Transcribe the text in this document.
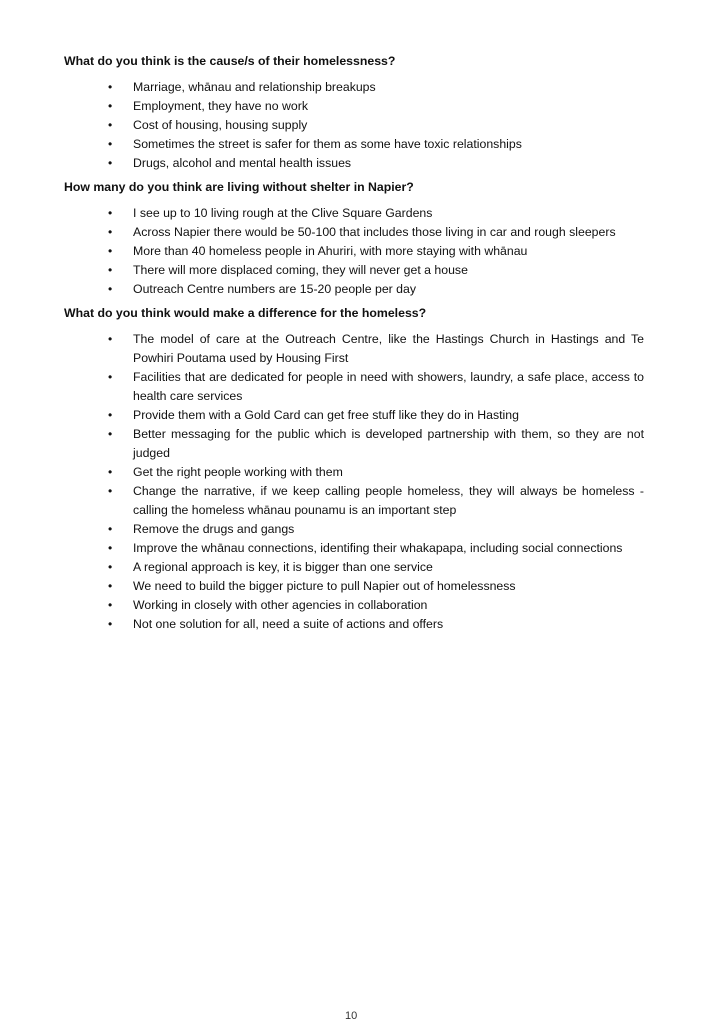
What do you think is the cause/s of their homelessness?
• Marriage, whānau and relationship breakups
• Employment, they have no work
• Cost of housing, housing supply
• Sometimes the street is safer for them as some have toxic relationships
• Drugs, alcohol and mental health issues
How many do you think are living without shelter in Napier?
• I see up to 10 living rough at the Clive Square Gardens
• Across Napier there would be 50-100 that includes those living in car and rough sleepers
• More than 40 homeless people in Ahuriri, with more staying with whānau
• There will more displaced coming, they will never get a house
• Outreach Centre numbers are 15-20 people per day
What do you think would make a difference for the homeless?
• The model of care at the Outreach Centre, like the Hastings Church in Hastings and Te Powhiri Poutama used by Housing First
• Facilities that are dedicated for people in need with showers, laundry, a safe place, access to health care services
• Provide them with a Gold Card can get free stuff like they do in Hasting
• Better messaging for the public which is developed partnership with them, so they are not judged
• Get the right people working with them
• Change the narrative, if we keep calling people homeless, they will always be homeless - calling the homeless whānau pounamu is an important step
• Remove the drugs and gangs
• Improve the whānau connections, identifing their whakapapa, including social connections
• A regional approach is key, it is bigger than one service
• We need to build the bigger picture to pull Napier out of homelessness
• Working in closely with other agencies in collaboration
• Not one solution for all, need a suite of actions and offers
10
